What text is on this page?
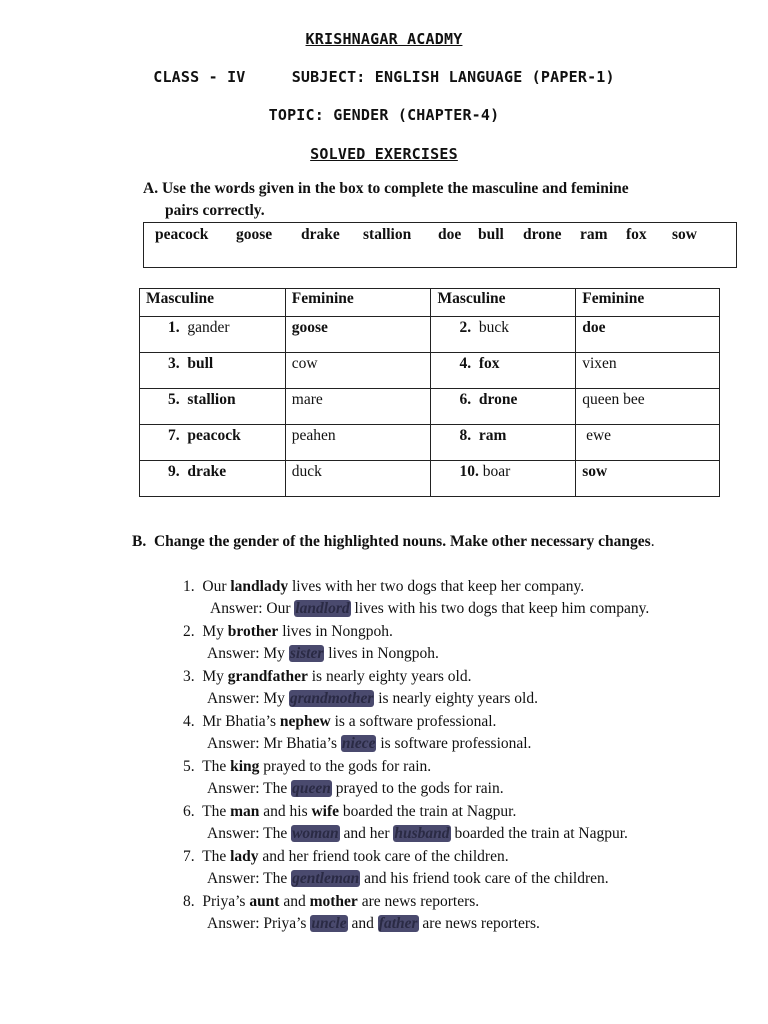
KRISHNAGAR ACADMY
CLASS - IV	SUBJECT: ENGLISH LANGUAGE (PAPER-1)
TOPIC: GENDER (CHAPTER-4)
SOLVED EXERCISES
A. Use the words given in the box to complete the masculine and feminine
pairs correctly.
peacock goose drake stallion doe bull drone ram fox sow
Masculine	Feminine	Masculine	Feminine
1. gander	goose	2. buck	doe
3. bull	cow	4. fox	vixen
5. stallion	mare	6. drone	queen bee
7. peacock	peahen	8. ram	ewe
9. drake	duck	10. boar	sow
B. Change the gender of the highlighted nouns. Make other necessary changes.
1.  Our landlady lives with her two dogs that keep her company.
Answer: Our landlord lives with his two dogs that keep him company.
2.  My brother lives in Nongpoh.
Answer: My sister lives in Nongpoh.
3.  My grandfather is nearly eighty years old.
Answer: My grandmother is nearly eighty years old.
4.  Mr Bhatia’s nephew is a software professional.
Answer: Mr Bhatia’s niece is software professional.
5.  The king prayed to the gods for rain.
Answer: The queen prayed to the gods for rain.
6.  The man and his wife boarded the train at Nagpur.
Answer: The woman and her husband boarded the train at Nagpur.
7.  The lady and her friend took care of the children.
Answer: The gentleman and his friend took care of the children.
8.  Priya’s aunt and mother are news reporters.
Answer: Priya’s uncle and father are news reporters.
